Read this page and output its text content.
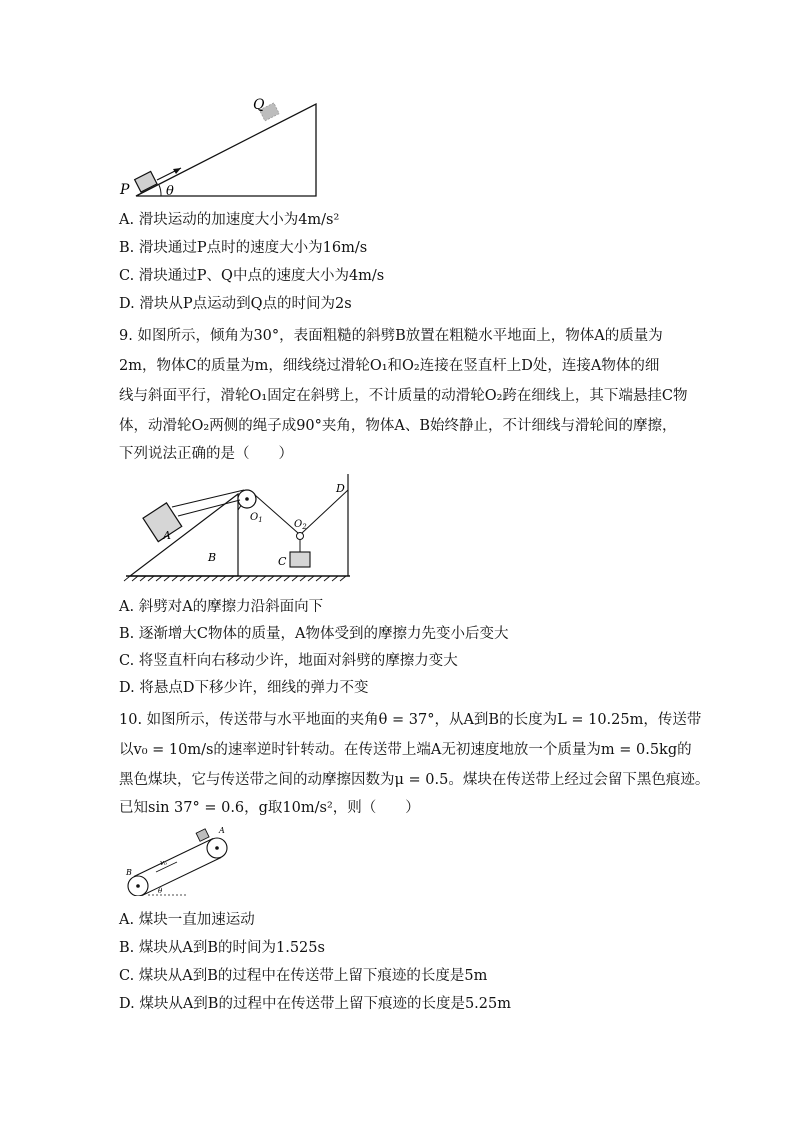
Q
P	θ
A. 滑块运动的加速度大小为4m/s²
B. 滑块通过P点时的速度大小为16m/s
C. 滑块通过P、Q中点的速度大小为4m/s
D. 滑块从P点运动到Q点的时间为2s
9. 如图所示，倾角为30°，表面粗糙的斜劈B放置在粗糙水平地面上，物体A的质量为
2m，物体C的质量为m，细线绕过滑轮O₁和O₂连接在竖直杆上D处，连接A物体的细
线与斜面平行，滑轮O₁固定在斜劈上，不计质量的动滑轮O₂跨在细线上，其下端悬挂C物
体，动滑轮O₂两侧的绳子成90°夹角，物体A、B始终静止，不计细线与滑轮间的摩擦，
下列说法正确的是（　　）
A
B	C
D
$O_1$	$O_2$
A. 斜劈对A的摩擦力沿斜面向下
B. 逐渐增大C物体的质量，A物体受到的摩擦力先变小后变大
C. 将竖直杆向右移动少许，地面对斜劈的摩擦力变大
D. 将悬点D下移少许，细线的弹力不变
10. 如图所示，传送带与水平地面的夹角θ = 37°，从A到B的长度为L = 10.25m，传送带
以v₀ = 10m/s的速率逆时针转动。在传送带上端A无初速度地放一个质量为m = 0.5kg的
黑色煤块，它与传送带之间的动摩擦因数为μ = 0.5。煤块在传送带上经过会留下黑色痕迹。
已知sin 37° = 0.6，g取10m/s²，则（　　）
A
B
v₀
θ
A. 煤块一直加速运动
B. 煤块从A到B的时间为1.525s
C. 煤块从A到B的过程中在传送带上留下痕迹的长度是5m
D. 煤块从A到B的过程中在传送带上留下痕迹的长度是5.25m
